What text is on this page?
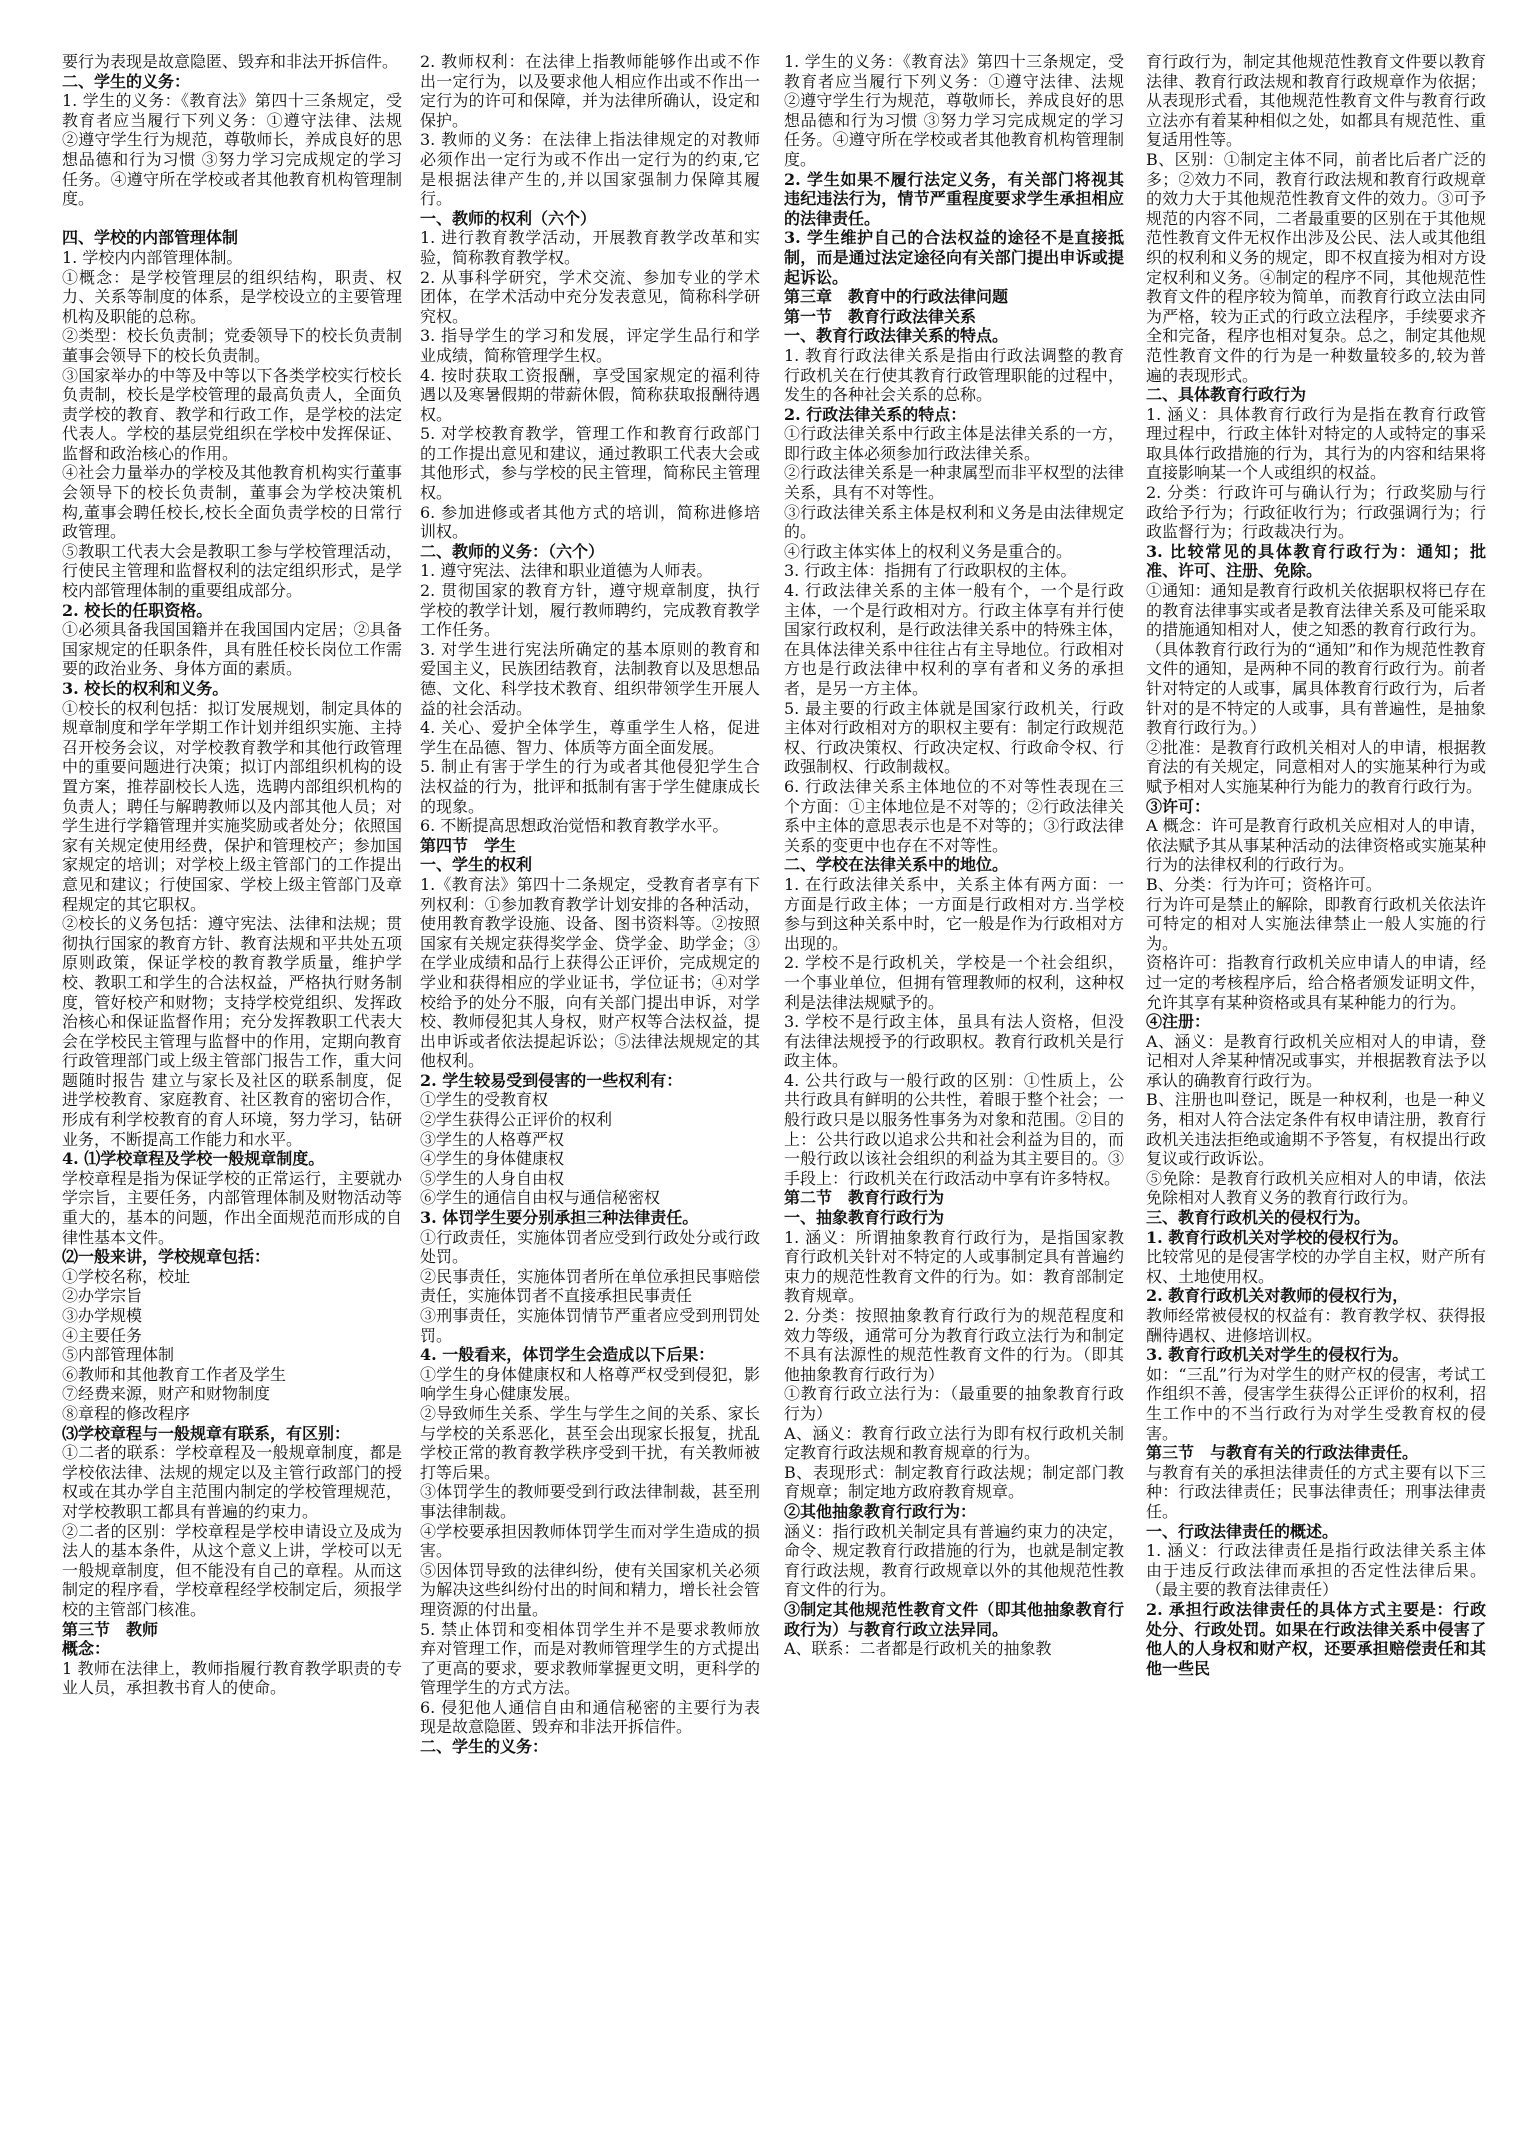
要行为表现是故意隐匿、毁弃和非法开拆信件。

二、学生的义务：

1. 学生的义务：《教育法》第四十三条规定，受教育者应当履行下列义务：①遵守法律、法规 ②遵守学生行为规范，尊敬师长，养成良好的思想品德和行为习惯 ③努力学习完成规定的学习任务。④遵守所在学校或者其他教育机构管理制度。

四、学校的内部管理体制

1. 学校内内部管理体制。

①概念：是学校管理层的组织结构，职责、权力、关系等制度的体系，是学校设立的主要管理机构及职能的总称。

②类型：校长负责制；党委领导下的校长负责制 董事会领导下的校长负责制。

③国家举办的中等及中等以下各类学校实行校长负责制，校长是学校管理的最高负责人，全面负责学校的教育、教学和行政工作，是学校的法定代表人。学校的基层党组织在学校中发挥保证、监督和政治核心的作用。

④社会力量举办的学校及其他教育机构实行董事会领导下的校长负责制，董事会为学校决策机构,董事会聘任校长,校长全面负责学校的日常行政管理。

⑤教职工代表大会是教职工参与学校管理活动，行使民主管理和监督权利的法定组织形式，是学校内部管理体制的重要组成部分。

2. 校长的任职资格。

①必须具备我国国籍并在我国国内定居；②具备国家规定的任职条件，具有胜任校长岗位工作需要的政治业务、身体方面的素质。

3. 校长的权利和义务。

①校长的权利包括：拟订发展规划，制定具体的规章制度和学年学期工作计划并组织实施、主持召开校务会议，对学校教育教学和其他行政管理中的重要问题进行决策；拟订内部组织机构的设置方案，推荐副校长人选，选聘内部组织机构的负责人；聘任与解聘教师以及内部其他人员；对学生进行学籍管理并实施奖励或者处分；依照国家有关规定使用经费，保护和管理校产；参加国家规定的培训；对学校上级主管部门的工作提出意见和建议；行使国家、学校上级主管部门及章程规定的其它职权。

②校长的义务包括：遵守宪法、法律和法规；贯彻执行国家的教育方针、教育法规和平共处五项原则政策，保证学校的教育教学质量，维护学校、教职工和学生的合法权益，严格执行财务制度，管好校产和财物；支持学校党组织、发挥政治核心和保证监督作用；充分发挥教职工代表大会在学校民主管理与监督中的作用，定期向教育行政管理部门或上级主管部门报告工作，重大问题随时报告 建立与家长及社区的联系制度，促进学校教育、家庭教育、社区教育的密切合作，形成有利学校教育的育人环境，努力学习，钻研业务，不断提高工作能力和水平。

4. ⑴学校章程及学校一般规章制度。

学校章程是指为保证学校的正常运行，主要就办学宗旨，主要任务，内部管理体制及财物活动等重大的，基本的问题，作出全面规范而形成的自律性基本文件。

⑵一般来讲，学校规章包括：

①学校名称，校址

②办学宗旨

③办学规模

④主要任务

⑤内部管理体制

⑥教师和其他教育工作者及学生

⑦经费来源，财产和财物制度

⑧章程的修改程序

⑶学校章程与一般规章有联系，有区别：

①二者的联系：学校章程及一般规章制度，都是学校依法律、法规的规定以及主管行政部门的授权或在其办学自主范围内制定的学校管理规范，对学校教职工都具有普遍的约束力。

②二者的区别：学校章程是学校申请设立及成为法人的基本条件，从这个意义上讲，学校可以无一般规章制度，但不能没有自己的章程。从而这制定的程序看，学校章程经学校制定后，须报学校的主管部门核准。

第三节　教师

概念：

1 教师在法律上，教师指履行教育教学职责的专业人员，承担教书育人的使命。

2. 教师权利：在法律上指教师能够作出或不作出一定行为，以及要求他人相应作出或不作出一定行为的许可和保障，并为法律所确认，设定和保护。

3. 教师的义务：在法律上指法律规定的对教师必须作出一定行为或不作出一定行为的约束,它是根据法律产生的,并以国家强制力保障其履行。

一、教师的权利（六个）

1. 进行教育教学活动，开展教育教学改革和实验，简称教育教学权。

2. 从事科学研究，学术交流、参加专业的学术团体，在学术活动中充分发表意见，简称科学研究权。

3. 指导学生的学习和发展，评定学生品行和学业成绩，简称管理学生权。

4. 按时获取工资报酬，享受国家规定的福利待遇以及寒暑假期的带薪休假，简称获取报酬待遇权。

5. 对学校教育教学，管理工作和教育行政部门的工作提出意见和建议，通过教职工代表大会或其他形式，参与学校的民主管理，简称民主管理权。

6. 参加进修或者其他方式的培训，简称进修培训权。

二、教师的义务：（六个）

1. 遵守宪法、法律和职业道德为人师表。

2. 贯彻国家的教育方针，遵守规章制度，执行学校的教学计划，履行教师聘约，完成教育教学工作任务。

3. 对学生进行宪法所确定的基本原则的教育和爱国主义，民族团结教育，法制教育以及思想品德、文化、科学技术教育、组织带领学生开展人益的社会活动。

4. 关心、爱护全体学生，尊重学生人格，促进学生在品德、智力、体质等方面全面发展。

5. 制止有害于学生的行为或者其他侵犯学生合法权益的行为，批评和抵制有害于学生健康成长的现象。

6. 不断提高思想政治觉悟和教育教学水平。

第四节　学生

一、学生的权利

1.《教育法》第四十二条规定，受教育者享有下列权利：①参加教育教学计划安排的各种活动，使用教育教学设施、设备、图书资料等。②按照国家有关规定获得奖学金、贷学金、助学金；③在学业成绩和品行上获得公正评价，完成规定的学业和获得相应的学业证书，学位证书；④对学校给予的处分不服，向有关部门提出申诉，对学校、教师侵犯其人身权，财产权等合法权益，提出申诉或者依法提起诉讼；⑤法律法规规定的其他权利。

2. 学生较易受到侵害的一些权利有：

①学生的受教育权

②学生获得公正评价的权利

③学生的人格尊严权

④学生的身体健康权

⑤学生的人身自由权

⑥学生的通信自由权与通信秘密权

3. 体罚学生要分别承担三种法律责任。

①行政责任，实施体罚者应受到行政处分或行政处罚。

②民事责任，实施体罚者所在单位承担民事赔偿责任，实施体罚者不直接承担民事责任

③刑事责任，实施体罚情节严重者应受到刑罚处罚。

4. 一般看来，体罚学生会造成以下后果：

①学生的身体健康权和人格尊严权受到侵犯，影响学生身心健康发展。

②导致师生关系、学生与学生之间的关系、家长与学校的关系恶化，甚至会出现家长报复，扰乱学校正常的教育教学秩序受到干扰，有关教师被打等后果。

③体罚学生的教师要受到行政法律制裁，甚至刑事法律制裁。

④学校要承担因教师体罚学生而对学生造成的损害。

⑤因体罚导致的法律纠纷，使有关国家机关必须为解决这些纠纷付出的时间和精力，增长社会管理资源的付出量。

5. 禁止体罚和变相体罚学生并不是要求教师放弃对管理工作，而是对教师管理学生的方式提出了更高的要求，要求教师掌握更文明，更科学的管理学生的方式方法。

6. 侵犯他人通信自由和通信秘密的主要行为表现是故意隐匿、毁弃和非法开拆信件。

二、学生的义务：

1. 学生的义务：《教育法》第四十三条规定，受教育者应当履行下列义务：①遵守法律、法规 ②遵守学生行为规范，尊敬师长，养成良好的思想品德和行为习惯 ③努力学习完成规定的学习任务。④遵守所在学校或者其他教育机构管理制度。

2. 学生如果不履行法定义务，有关部门将视其违纪违法行为，情节严重程度要求学生承担相应的法律责任。

3. 学生维护自己的合法权益的途径不是直接抵制，而是通过法定途径向有关部门提出申诉或提起诉讼。

第三章　教育中的行政法律问题

第一节　教育行政法律关系

一、教育行政法律关系的特点。

1. 教育行政法律关系是指由行政法调整的教育行政机关在行使其教育行政管理职能的过程中，发生的各种社会关系的总称。

2. 行政法律关系的特点：

①行政法律关系中行政主体是法律关系的一方，即行政主体必须参加行政法律关系。

②行政法律关系是一种隶属型而非平权型的法律关系，具有不对等性。

③行政法律关系主体是权利和义务是由法律规定的。

④行政主体实体上的权利义务是重合的。

3. 行政主体：指拥有了行政职权的主体。

4. 行政法律关系的主体一般有个，一个是行政主体，一个是行政相对方。行政主体享有并行使国家行政权利，是行政法律关系中的特殊主体，在具体法律关系中往往占有主导地位。行政相对方也是行政法律中权利的享有者和义务的承担者，是另一方主体。

5. 最主要的行政主体就是国家行政机关，行政主体对行政相对方的职权主要有：制定行政规范权、行政决策权、行政决定权、行政命令权、行政强制权、行政制裁权。

6. 行政法律关系主体地位的不对等性表现在三个方面：①主体地位是不对等的；②行政法律关系中主体的意思表示也是不对等的；③行政法律关系的变更中也存在不对等性。

二、学校在法律关系中的地位。

1. 在行政法律关系中，关系主体有两方面：一方面是行政主体；一方面是行政相对方.当学校参与到这种关系中时，它一般是作为行政相对方出现的。

2. 学校不是行政机关，学校是一个社会组织，一个事业单位，但拥有管理教师的权利，这种权利是法律法规赋予的。

3. 学校不是行政主体，虽具有法人资格，但没有法律法规授予的行政职权。教育行政机关是行政主体。

4. 公共行政与一般行政的区别：①性质上，公共行政具有鲜明的公共性，着眼于整个社会；一般行政只是以服务性事务为对象和范围。②目的上：公共行政以追求公共和社会利益为目的，而一般行政以该社会组织的利益为其主要目的。③手段上：行政机关在行政活动中享有许多特权。

第二节　教育行政行为

一、抽象教育行政行为

1. 涵义：所谓抽象教育行政行为，是指国家教育行政机关针对不特定的人或事制定具有普遍约束力的规范性教育文件的行为。如：教育部制定教育规章。

2. 分类：按照抽象教育行政行为的规范程度和效力等级，通常可分为教育行政立法行为和制定不具有法源性的规范性教育文件的行为。（即其他抽象教育行政行为）

①教育行政立法行为：（最重要的抽象教育行政行为）

A、涵义：教育行政立法行为即有权行政机关制定教育行政法规和教育规章的行为。

B、表现形式：制定教育行政法规；制定部门教育规章；制定地方政府教育规章。

②其他抽象教育行政行为：

涵义：指行政机关制定具有普遍约束力的决定，命令、规定教育行政措施的行为，也就是制定教育行政法规，教育行政规章以外的其他规范性教育文件的行为。

③制定其他规范性教育文件（即其他抽象教育行政行为）与教育行政立法异同。

A、联系：二者都是行政机关的抽象教

育行政行为，制定其他规范性教育文件要以教育法律、教育行政法规和教育行政规章作为依据；从表现形式看，其他规范性教育文件与教育行政立法亦有着某种相似之处，如都具有规范性、重复适用性等。

B、区别：①制定主体不同，前者比后者广泛的多；②效力不同，教育行政法规和教育行政规章的效力大于其他规范性教育文件的效力。③可予规范的内容不同，二者最重要的区别在于其他规范性教育文件无权作出涉及公民、法人或其他组织的权利和义务的规定，即不权直接为相对方设定权利和义务。④制定的程序不同，其他规范性教育文件的程序较为简单，而教育行政立法由同为严格，较为正式的行政立法程序，手续要求齐全和完备，程序也相对复杂。总之，制定其他规范性教育文件的行为是一种数量较多的,较为普遍的表现形式。

二、具体教育行政行为

1. 涵义：具体教育行政行为是指在教育行政管理过程中，行政主体针对特定的人或特定的事采取具体行政措施的行为，其行为的内容和结果将直接影响某一个人或组织的权益。

2. 分类：行政许可与确认行为；行政奖励与行政给予行为；行政征收行为；行政强调行为；行政监督行为；行政裁决行为。

3. 比较常见的具体教育行政行为：通知；批准、许可、注册、免除。

①通知：通知是教育行政机关依据职权将已存在的教育法律事实或者是教育法律关系及可能采取的措施通知相对人，使之知悉的教育行政行为。（具体教育行政行为的“通知”和作为规范性教育文件的通知，是两种不同的教育行政行为。前者针对特定的人或事，属具体教育行政行为，后者针对的是不特定的人或事，具有普遍性，是抽象教育行政行为。）

②批准：是教育行政机关相对人的申请，根据教育法的有关规定，同意相对人的实施某种行为或赋予相对人实施某种行为能力的教育行政行为。

③许可：

A 概念：许可是教育行政机关应相对人的申请，依法赋予其从事某种活动的法律资格或实施某种行为的法律权利的行政行为。

B、分类：行为许可；资格许可。

行为许可是禁止的解除，即教育行政机关依法许可特定的相对人实施法律禁止一般人实施的行为。

资格许可：指教育行政机关应申请人的申请，经过一定的考核程序后，给合格者颁发证明文件，允许其享有某种资格或具有某种能力的行为。

④注册：

A、涵义：是教育行政机关应相对人的申请，登记相对人斧某种情况或事实，并根据教育法予以承认的确教育行政行为。

B、注册也叫登记，既是一种权利，也是一种义务，相对人符合法定条件有权申请注册，教育行政机关违法拒绝或逾期不予答复，有权提出行政复议或行政诉讼。

⑤免除：是教育行政机关应相对人的申请，依法免除相对人教育义务的教育行政行为。

三、教育行政机关的侵权行为。

1. 教育行政机关对学校的侵权行为。

比较常见的是侵害学校的办学自主权，财产所有权、土地使用权。

2. 教育行政机关对教师的侵权行为，

教师经常被侵权的权益有：教育教学权、获得报酬待遇权、进修培训权。

3. 教育行政机关对学生的侵权行为。

如：“三乱”行为对学生的财产权的侵害，考试工作组织不善，侵害学生获得公正评价的权利，招生工作中的不当行政行为对学生受教育权的侵害。

第三节　与教育有关的行政法律责任。

与教育有关的承担法律责任的方式主要有以下三种：行政法律责任；民事法律责任；刑事法律责任。

一、行政法律责任的概述。

1. 涵义：行政法律责任是指行政法律关系主体由于违反行政法律而承担的否定性法律后果。（最主要的教育法律责任）

2. 承担行政法律责任的具体方式主要是：行政处分、行政处罚。如果在行政法律关系中侵害了他人的人身权和财产权，还要承担赔偿责任和其他一些民
